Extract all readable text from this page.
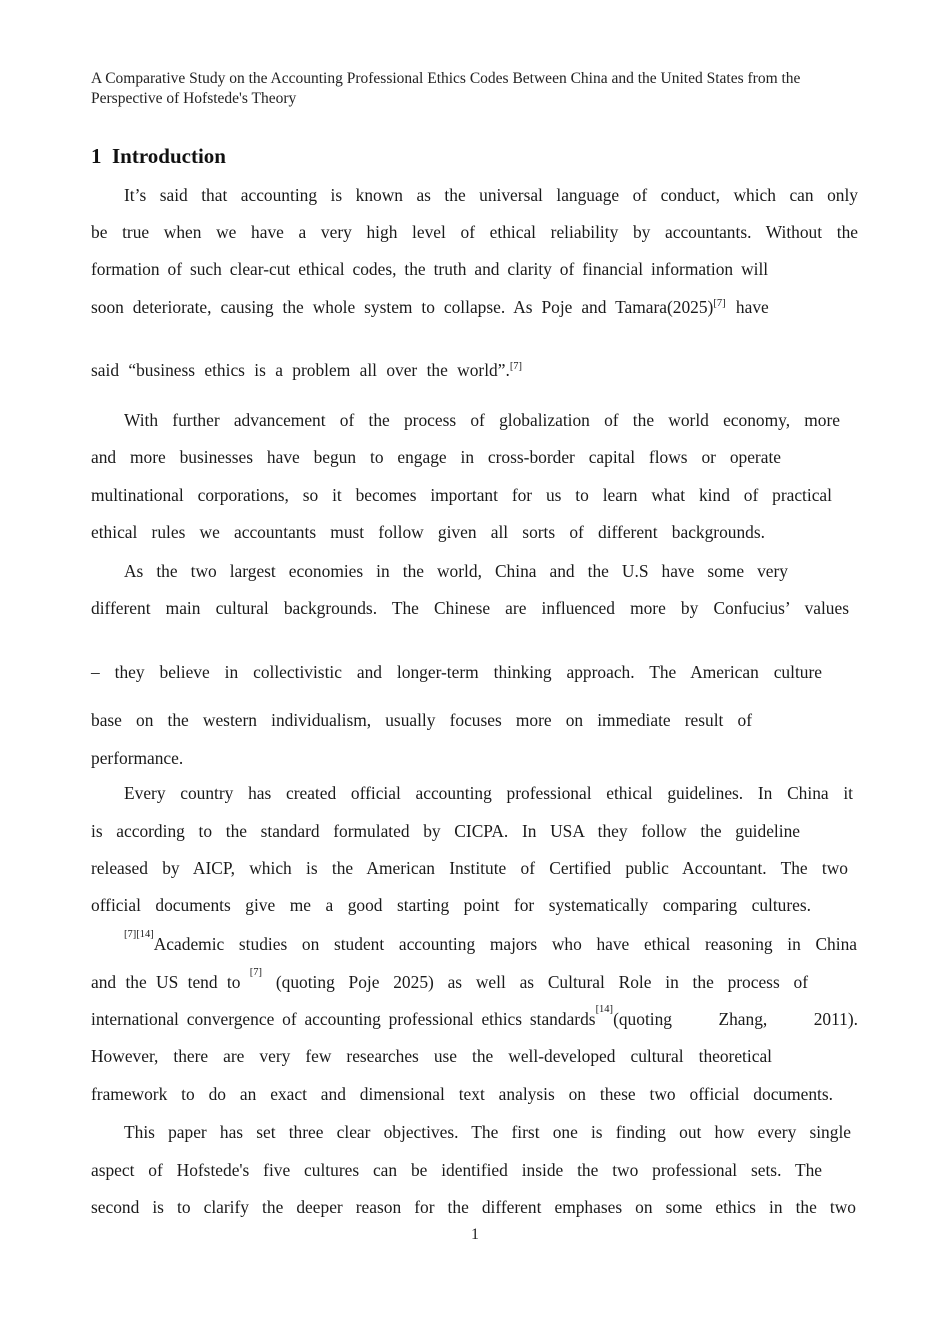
A Comparative Study on the Accounting Professional Ethics Codes Between China and the United States from the Perspective of Hofstede's Theory
1 Introduction
It’s said that accounting is known as the universal language of conduct, which can only
be true when we have a very high level of ethical reliability by accountants. Without the
formation of such clear-cut ethical codes, the truth and clarity of financial information will
soon deteriorate, causing the whole system to collapse. As Poje and Tamara(2025)[7] have
said “business ethics is a problem all over the world”.[7]
With further advancement of the process of globalization of the world economy, more
and more businesses have begun to engage in cross-border capital flows or operate
multinational corporations, so it becomes important for us to learn what kind of practical
ethical rules we accountants must follow given all sorts of different backgrounds.
As the two largest economies in the world, China and the U.S have some very
different main cultural backgrounds. The Chinese are influenced more by Confucius’ values
– they believe in collectivistic and longer-term thinking approach. The American culture
base on the western individualism, usually focuses more on immediate result of
performance.
Every country has created official accounting professional ethical guidelines. In China it
is according to the standard formulated by CICPA. In USA they follow the guideline
released by AICP, which is the American Institute of Certified public Accountant. The two
official documents give me a good starting point for systematically comparing cultures.
[7][14] Academic studies on student accounting majors who have ethical reasoning in China
and the US tend to [7] (quoting Poje 2025) as well as Cultural Role in the process of
international convergence of accounting professional ethics standards [14] (quoting Zhang, 2011).
However, there are very few researches use the well-developed cultural theoretical
framework to do an exact and dimensional text analysis on these two official documents.
This paper has set three clear objectives. The first one is finding out how every single
aspect of Hofstede's five cultures can be identified inside the two professional sets. The
second is to clarify the deeper reason for the different emphases on some ethics in the two
1
